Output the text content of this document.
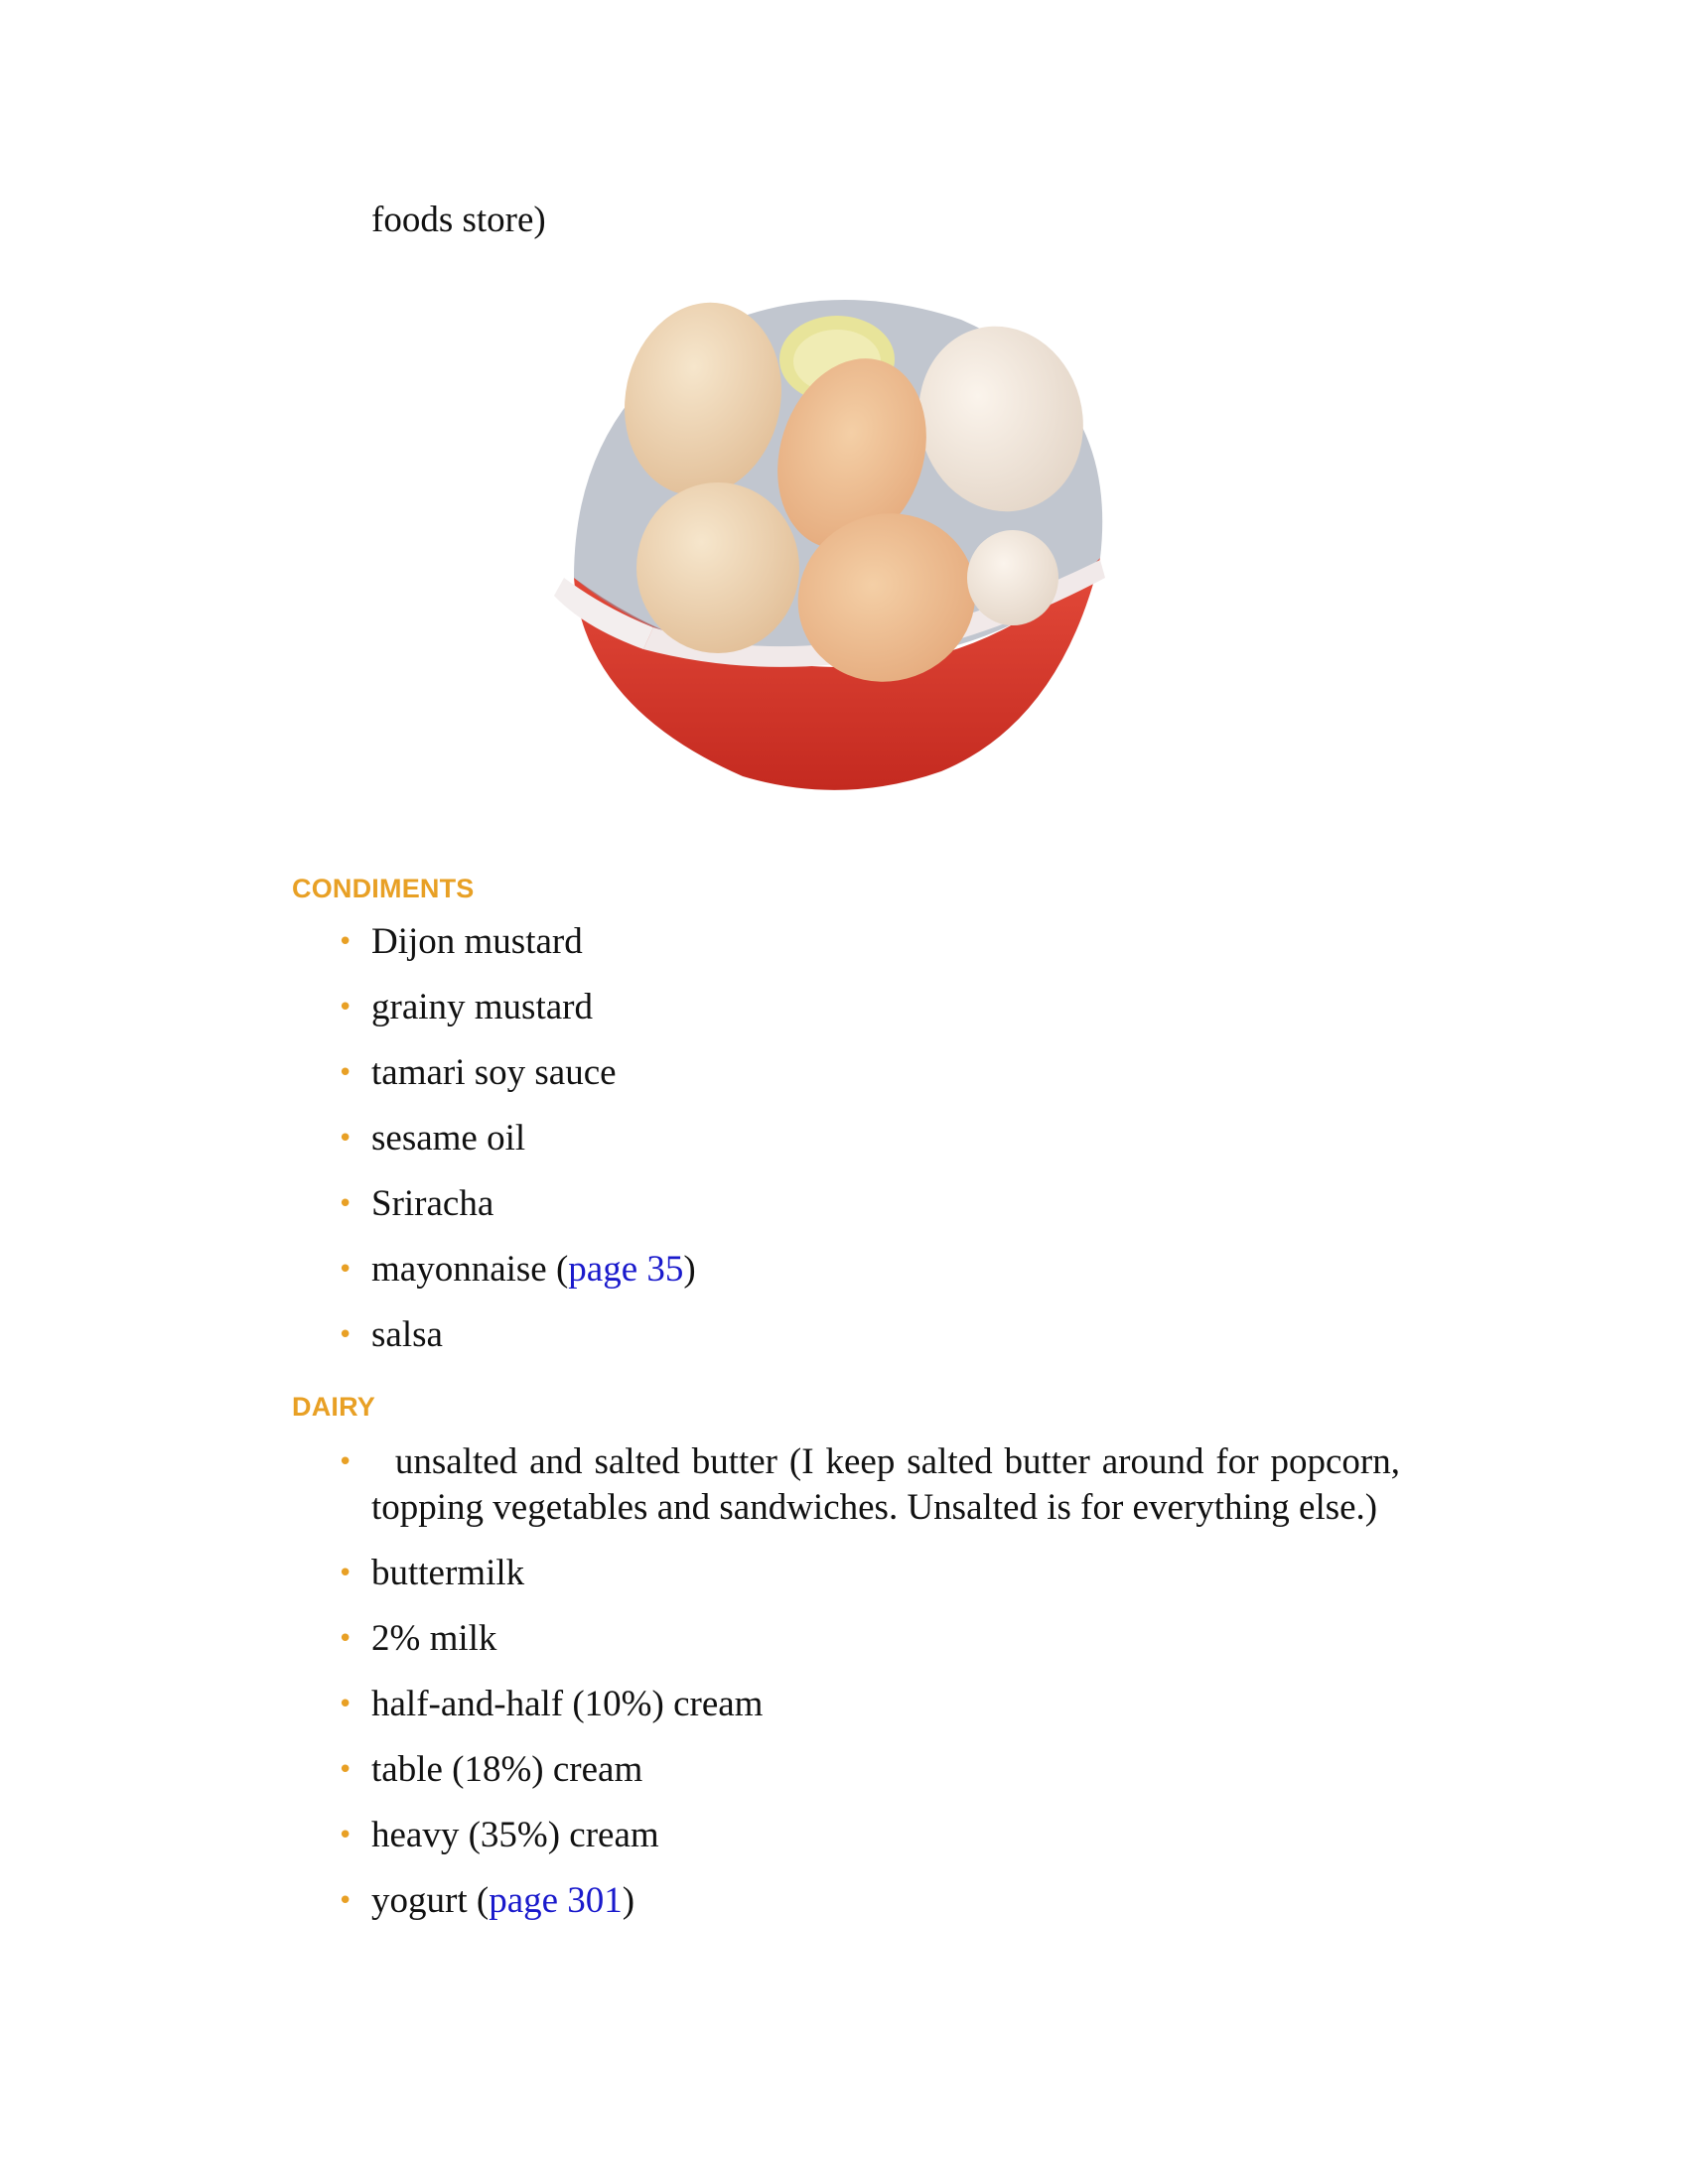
foods store)

CONDIMENTS
• Dijon mustard
• grainy mustard
• tamari soy sauce
• sesame oil
• Sriracha
• mayonnaise (page 35)
• salsa
DAIRY
•	unsalted and salted butter (I keep salted butter around for popcorn, topping vegetables and sandwiches. Unsalted is for everything else.)
• buttermilk
• 2% milk
• half-and-half (10%) cream
• table (18%) cream
• heavy (35%) cream
• yogurt (page 301)
